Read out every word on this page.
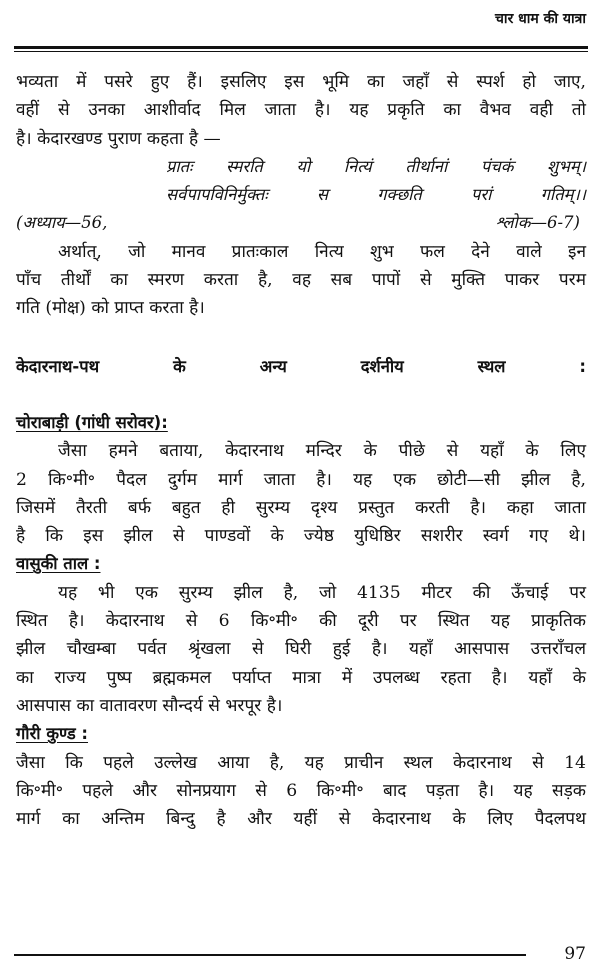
चार धाम की यात्रा

भव्यता में पसरे हुए हैं। इसलिए इस भूमि का जहाँ से स्पर्श हो जाए,

वहीं से उनका आशीर्वाद मिल जाता है। यह प्रकृति का वैभव वही तो

है। केदारखण्ड पुराण कहता है —

प्रातः स्मरति यो नित्यं तीर्थानां पंचकं शुभम्।

सर्वपापविनिर्मुक्तः स गक्छति परां गतिम्।।

(अध्याय—56, श्लोक—6-7)

अर्थात्, जो मानव प्रातःकाल नित्य शुभ फल देने वाले इन

पाँच तीर्थों का स्मरण करता है, वह सब पापों से मुक्ति पाकर परम

गति (मोक्ष) को प्राप्त करता है।

केदारनाथ-पथ के अन्य दर्शनीय स्थल :

चोराबाड़ी (गांधी सरोवर):

जैसा हमने बताया, केदारनाथ मन्दिर के पीछे से यहाँ के लिए

2 कि॰मी॰ पैदल दुर्गम मार्ग जाता है। यह एक छोटी—सी झील है,

जिसमें तैरती बर्फ बहुत ही सुरम्य दृश्य प्रस्तुत करती है। कहा जाता

है कि इस झील से पाण्डवों के ज्येष्ठ युधिष्ठिर सशरीर स्वर्ग गए थे।

वासुकी ताल :

यह भी एक सुरम्य झील है, जो 4135 मीटर की ऊँचाई पर

स्थित है। केदारनाथ से 6 कि॰मी॰ की दूरी पर स्थित यह प्राकृतिक

झील चौखम्बा पर्वत श्रृंखला से घिरी हुई है। यहाँ आसपास उत्तराँचल

का राज्य पुष्प ब्रह्मकमल पर्याप्त मात्रा में उपलब्ध रहता है। यहाँ के

आसपास का वातावरण सौन्दर्य से भरपूर है।

गौरी कुण्ड :

जैसा कि पहले उल्लेख आया है, यह प्राचीन स्थल केदारनाथ से 14

कि॰मी॰ पहले और सोनप्रयाग से 6 कि॰मी॰ बाद पड़ता है। यह सड़क

मार्ग का अन्तिम बिन्दु है और यहीं से केदारनाथ के लिए पैदलपथ

97
